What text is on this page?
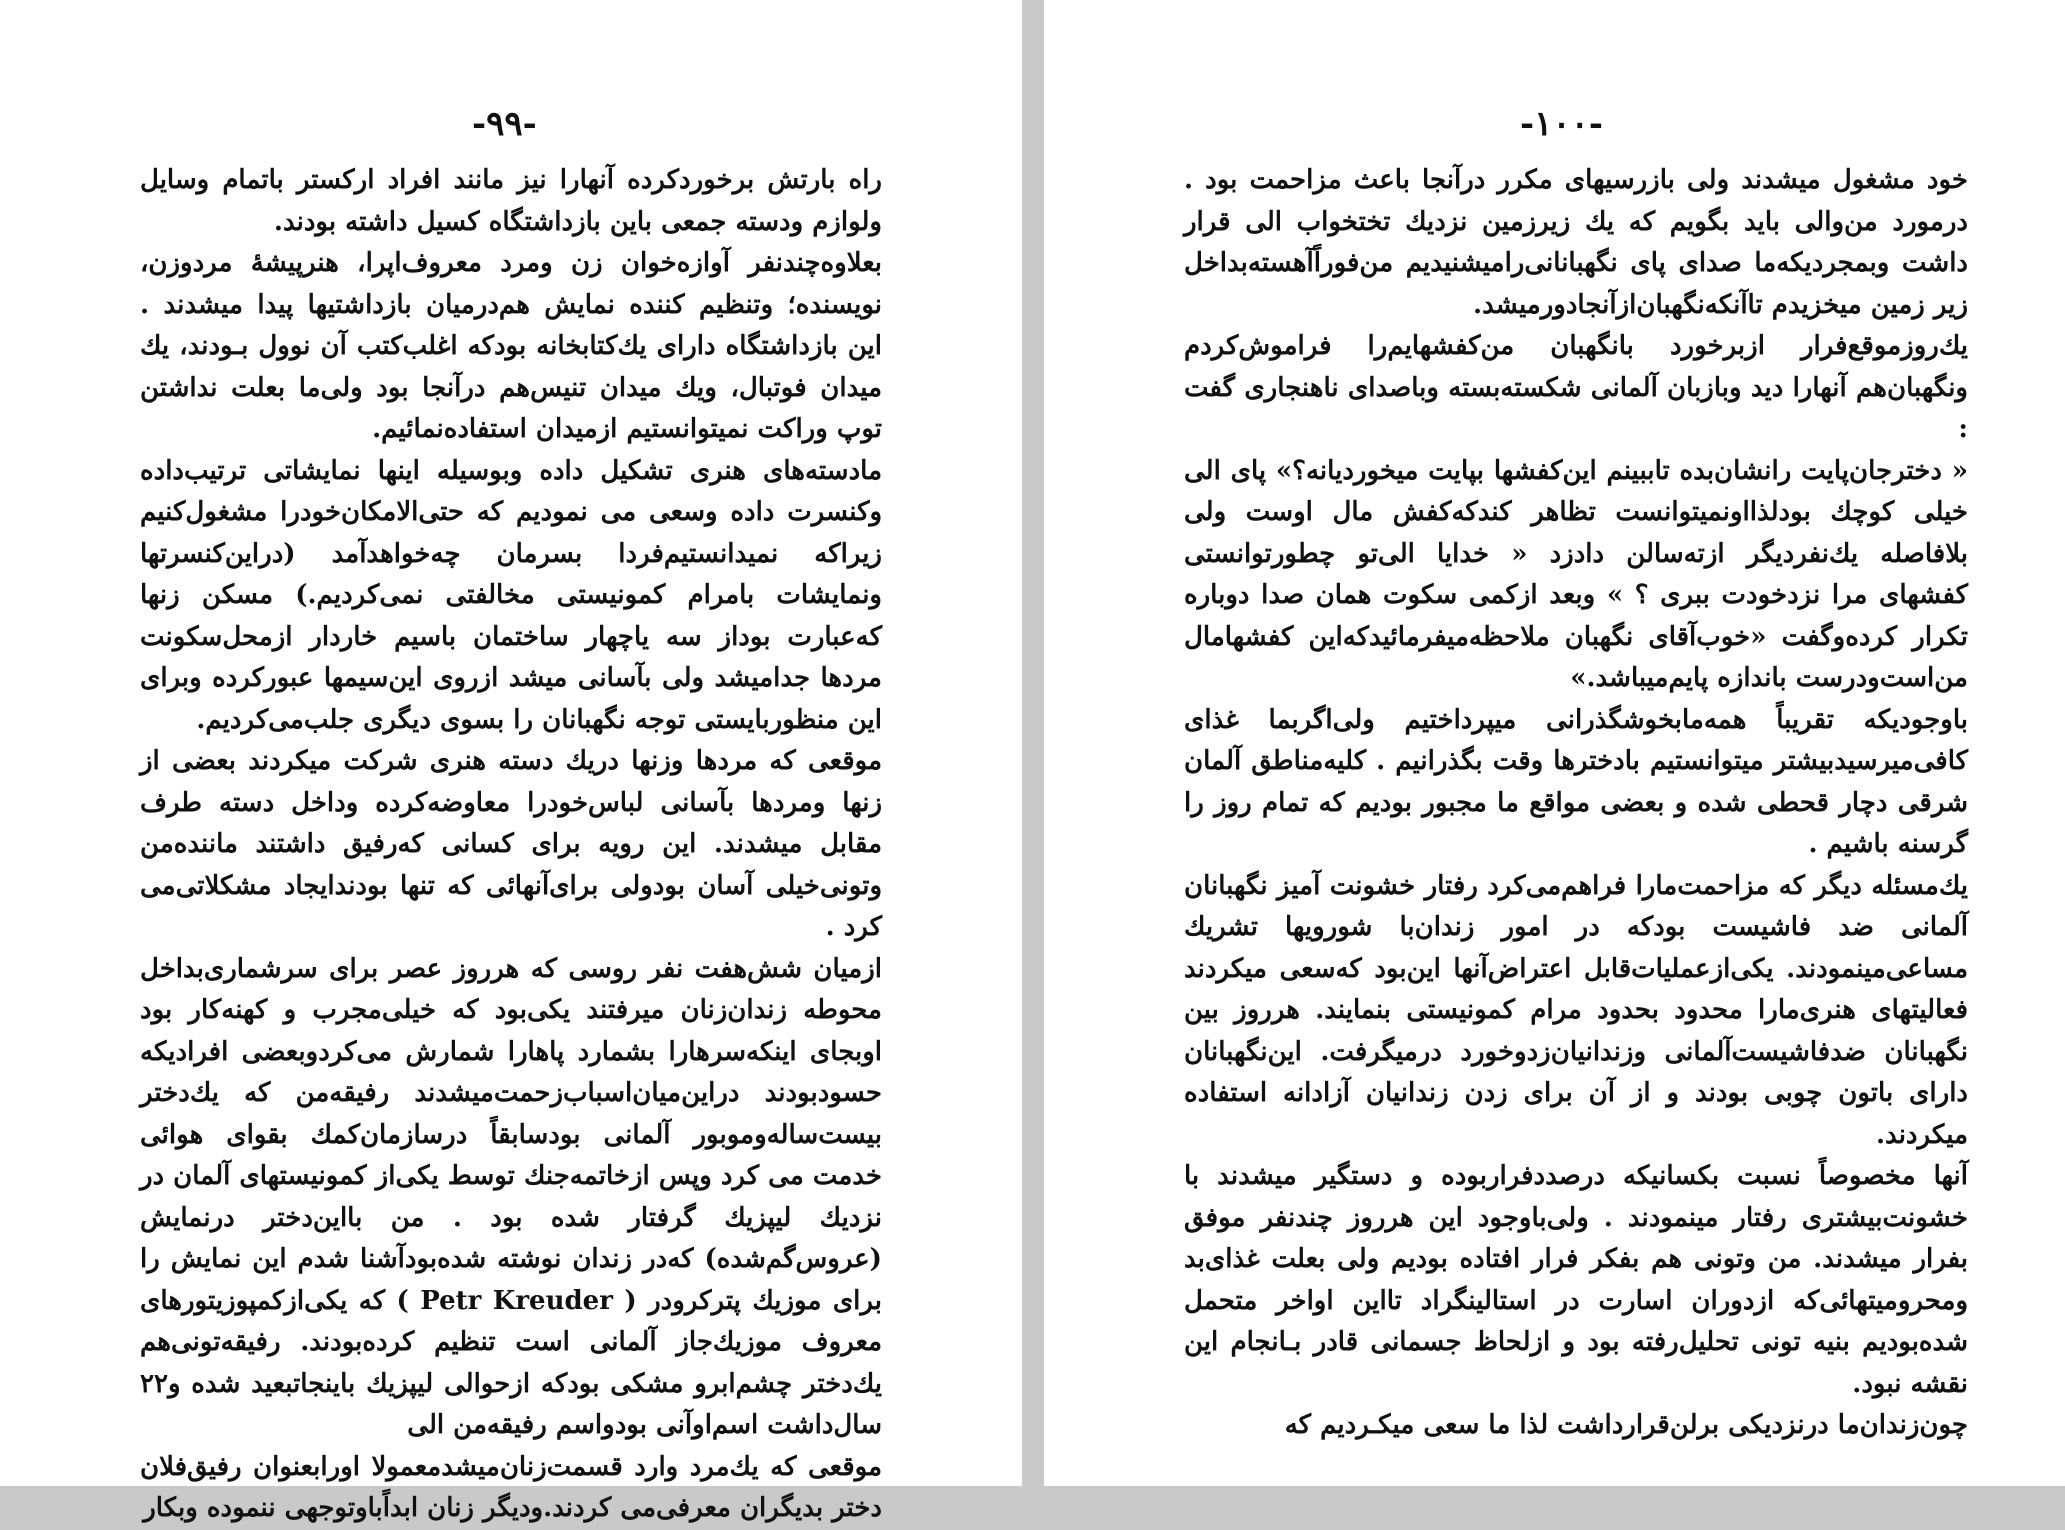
-۹۹-

راه بارتش برخوردکرده آنهارا نیز مانند افراد ارکستر باتمام وسایل ولوازم ودسته جمعی باین بازداشتگاه کسیل داشته بودند.

بعلاوه‌چندنفر آوازه‌خوان زن ومرد معروف‌اپرا، هنرپیشهٔ مردوزن، نویسنده؛ وتنظیم کننده نمایش هم‌درمیان بازداشتیها پیدا میشدند . این بازداشتگاه دارای یك‌کتابخانه بودکه اغلب‌کتب آن نوول بـودند، یك میدان فوتبال، ویك میدان تنیس‌هم درآنجا بود ولی‌ما بعلت نداشتن توپ وراکت نمیتوانستیم ازمیدان استفاده‌نمائیم.

مادسته‌های هنری تشکیل داده وبوسیله اینها نمایشاتی ترتیب‌داده وکنسرت داده وسعی می نمودیم که حتی‌الامکان‌خودرا مشغول‌کنیم زیراکه نمیدانستیم‌فردا بسرمان چه‌خواهدآمد (دراین‌کنسرتها ونمایشات بامرام کمونیستی مخالفتی نمی‌کردیم.) مسکن زنها که‌عبارت بوداز سه یاچهار ساختمان باسیم خاردار ازمحل‌سکونت مردها جدامیشد ولی بآسانی میشد ازروی این‌سیمها عبورکرده وبرای این منظوربایستی توجه نگهبانان را بسوی دیگری جلب‌می‌کردیم.

موقعی که مردها وزنها دریك دسته هنری شرکت میکردند بعضی از زنها ومردها بآسانی لباس‌خودرا معاوضه‌کرده وداخل دسته طرف مقابل میشدند. این رویه برای کسانی که‌رفیق داشتند ماننده‌من وتونی‌خیلی آسان بودولی برای‌آنهائی که تنها بودندایجاد مشکلاتی‌می کرد .

ازمیان شش‌هفت نفر روسی که هرروز عصر برای سرشماری‌بداخل محوطه زندان‌زنان میرفتند یکی‌بود که خیلی‌مجرب و کهنه‌کار بود اوبجای اینکه‌سرهارا بشمارد پاهارا شمارش می‌کردوبعضی افرادیکه حسودبودند دراین‌میان‌اسباب‌زحمت‌میشدند رفیقه‌من که یك‌دختر بیست‌ساله‌وموبور آلمانی بودسابقاً درسازمان‌کمك بقوای هوائی خدمت می کرد وپس ازخاتمه‌جنك توسط یکی‌از کمونیستهای آلمان در نزدیك لیپزیك گرفتار شده بود . من بااین‌دختر درنمایش (عروس‌گم‌شده) که‌در زندان نوشته شده‌بود‌آشنا شدم این نمایش را برای موزیك پترکرودر ( Petr Kreuder ) که یکی‌ازکمپوزیتورهای معروف موزیك‌جاز آلمانی است تنظیم کرده‌بودند. رفیقه‌تونی‌هم یك‌دختر چشم‌ابرو مشکی بودکه ازحوالی لیپزیك باینجاتبعید شده و۲۲ سال‌داشت اسم‌اوآنی بودواسم رفیقه‌من الی

موقعی که یك‌مرد وارد قسمت‌زنان‌میشدمعمولا اورابعنوان رفیق‌فلان دختر بدیگران معرفی‌می کردند.ودیگر زنان ابداًباوتوجهی ننموده وبکار

-۱۰۰-

خود مشغول میشدند ولی بازرسیهای مکرر درآنجا باعث مزاحمت بود . درمورد من‌والی باید بگویم که یك زیرزمین نزدیك تختخواب الی قرار داشت وبمجردیکه‌ما صدای پای نگهبانانی‌رامیشنیدیم من‌فوراً‌آهسته‌بداخل زیر زمین میخزیدم تاآنکه‌نگهبان‌ازآنجادورمیشد.

یك‌روزموقع‌فرار ازبرخورد بانگهبان من‌کفشهایم‌را فراموش‌کردم ونگهبان‌هم آنهارا دید وبازبان آلمانی شکسته‌بسته وباصدای ناهنجاری گفت :

« دخترجان‌پایت رانشان‌بده تاببینم این‌کفشها بپایت میخوردیانه؟» پای الی خیلی کوچك بودلذا‌او‌نمیتوانست تظاهر کندکه‌کفش مال اوست ولی بلافاصله یك‌نفردیگر ازته‌سالن دادزد « خدایا الی‌تو چطورتوانستی کفشهای مرا نزدخودت ببری ؟ » وبعد ازکمی سکوت همان صدا دوباره تکرار کرده‌وگفت «خوب‌آقای نگهبان ملاحظه‌میفرمائید‌که‌این کفشهامال من‌است‌ودرست باندازه پایم‌میباشد.»

باوجودیکه تقریباً همه‌مابخوشگذرانی میپرداختیم ولی‌اگربما غذای کافی‌میرسیدبیشتر میتوانستیم بادخترها وقت بگذرانیم . کلیه‌مناطق آلمان شرقی دچار قحطی شده و بعضی مواقع ما مجبور بودیم که تمام روز را گرسنه باشیم .

یك‌مسئله دیگر که مزاحمت‌مارا فراهم‌می‌کرد رفتار خشونت آمیز نگهبانان آلمانی ضد فاشیست بودکه در امور زندان‌با شورویها تشریك مساعی‌مینمودند. یکی‌ازعملیات‌قابل اعتراض‌آنها این‌بود که‌سعی میکردند فعالیتهای هنری‌مارا محدود بحدود مرام کمونیستی بنمایند. هرروز بین نگهبانان ضدفاشیست‌آلمانی وزندانیان‌زدوخورد درمیگرفت. این‌نگهبانان دارای باتون چوبی بودند و از آن برای زدن زندانیان آزادانه استفاده میکردند.

آنها مخصوصاً نسبت بکسانیکه درصددفراربوده و دستگیر میشدند با خشونت‌بیشتری رفتار مینمودند . ولی‌باوجود این هرروز چندنفر موفق بفرار میشدند. من وتونی هم بفکر فرار افتاده بودیم ولی بعلت غذای‌بد ومحرومیتهائی‌که ازدوران اسارت در استالینگراد تا‌این اواخر متحمل شده‌بودیم بنیه تونی تحلیل‌رفته بود و ازلحاظ جسمانی قادر بـانجام این نقشه نبود.

چون‌زندان‌ما درنزدیکی برلن‌قرارداشت لذا ما سعی میکـردیم که
